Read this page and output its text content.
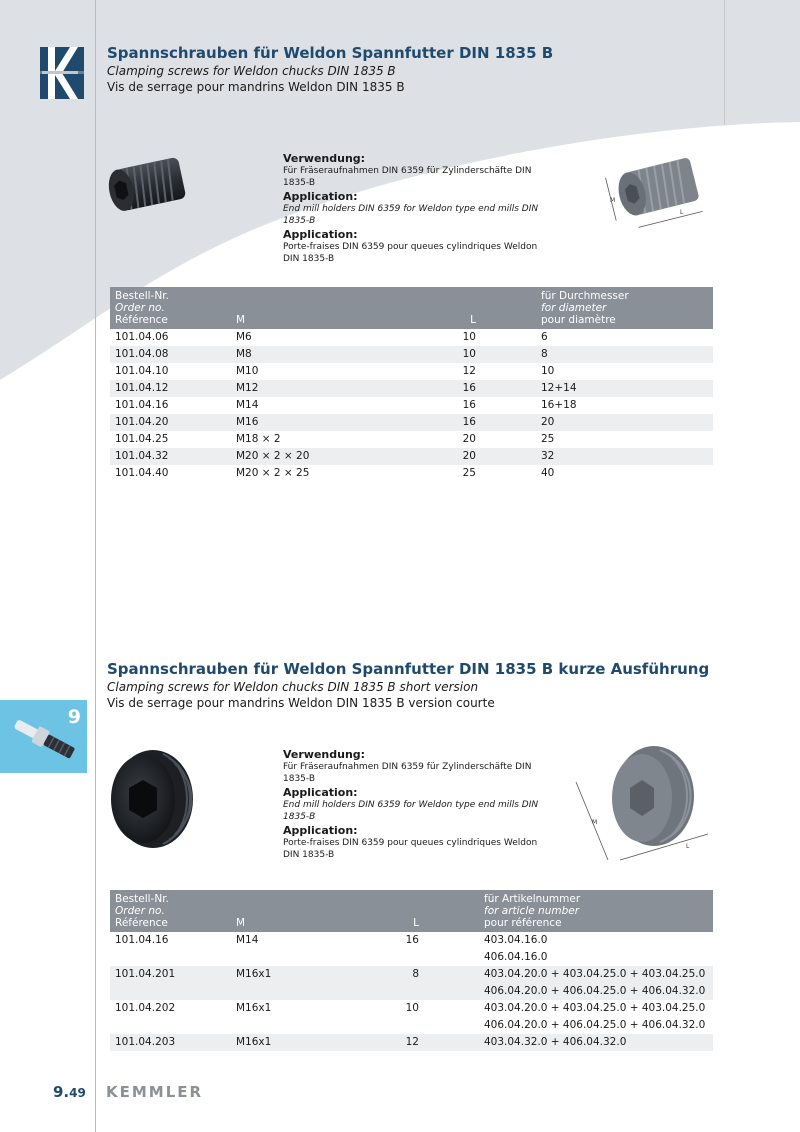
Spannschrauben für Weldon Spannfutter DIN 1835 B
Clamping screws for Weldon chucks DIN 1835 B
Vis de serrage pour mandrins Weldon DIN 1835 B
Verwendung:
Für Fräseraufnahmen DIN 6359 für Zylinderschäfte DIN 1835-B
Application:
End mill holders DIN 6359 for Weldon type end mills DIN 1835-B
Application:
Porte-fraises DIN 6359 pour queues cylindriques Weldon DIN 1835-B
M
L
Bestell-Nr.
Order no.
Référence	M	L	für Durchmesser
for diameter
pour diamètre

101.04.06	M6	10	6
101.04.08	M8	10	8
101.04.10	M10	12	10
101.04.12	M12	16	12+14
101.04.16	M14	16	16+18
101.04.20	M16	16	20
101.04.25	M18 × 2	20	25
101.04.32	M20 × 2 × 20	20	32
101.04.40	M20 × 2 × 25	25	40
Spannschrauben für Weldon Spannfutter DIN 1835 B kurze Ausführung
Clamping screws for Weldon chucks DIN 1835 B short version
Vis de serrage pour mandrins Weldon DIN 1835 B version courte
9
Verwendung:
Für Fräseraufnahmen DIN 6359 für Zylinderschäfte DIN 1835-B
Application:
End mill holders DIN 6359 for Weldon type end mills DIN 1835-B
Application:
Porte-fraises DIN 6359 pour queues cylindriques Weldon DIN 1835-B
M
L
Bestell-Nr.
Order no.
Référence	M	L	für Artikelnummer
for article number
pour référence

101.04.16	M14	16	403.04.16.0
406.04.16.0

101.04.201	M16x1	8	403.04.20.0 + 403.04.25.0 + 403.04.25.0
406.04.20.0 + 406.04.25.0 + 406.04.32.0

101.04.202	M16x1	10	403.04.20.0 + 403.04.25.0 + 403.04.25.0
406.04.20.0 + 406.04.25.0 + 406.04.32.0

101.04.203	M16x1	12	403.04.32.0 + 406.04.32.0
9.49 KEMMLER
